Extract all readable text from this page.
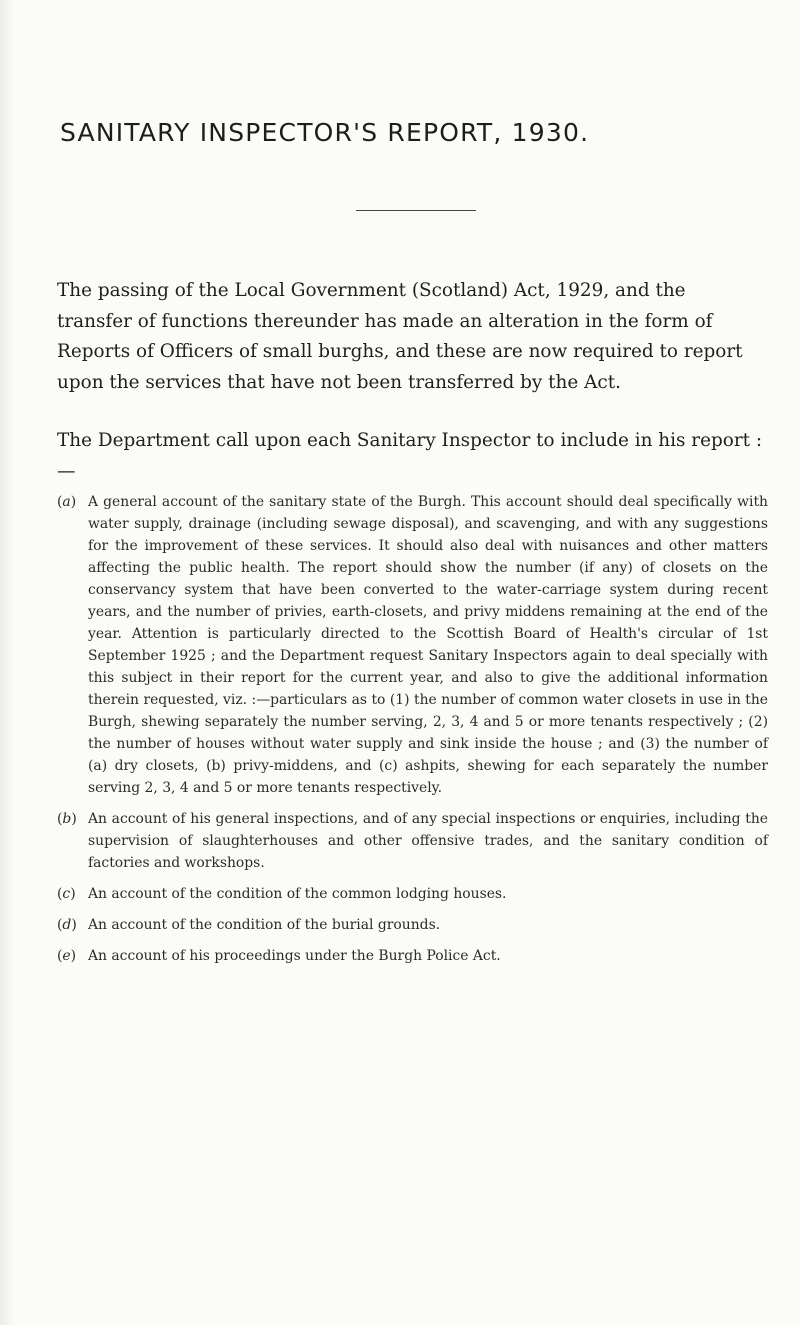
SANITARY INSPECTOR'S REPORT, 1930.

The passing of the Local Government (Scotland) Act, 1929, and the transfer of functions thereunder has made an alteration in the form of Reports of Officers of small burghs, and these are now required to report upon the services that have not been transferred by the Act.

The Department call upon each Sanitary Inspector to include in his report :—

(a) A general account of the sanitary state of the Burgh. This account should deal specifically with water supply, drainage (including sewage disposal), and scavenging, and with any suggestions for the improvement of these services. It should also deal with nuisances and other matters affecting the public health. The report should show the number (if any) of closets on the conservancy system that have been converted to the water-carriage system during recent years, and the number of privies, earth-closets, and privy middens remaining at the end of the year. Attention is particularly directed to the Scottish Board of Health's circular of 1st September 1925 ; and the Department request Sanitary Inspectors again to deal specially with this subject in their report for the current year, and also to give the additional information therein requested, viz. :—particulars as to (1) the number of common water closets in use in the Burgh, shewing separately the number serving, 2, 3, 4 and 5 or more tenants respectively ; (2) the number of houses without water supply and sink inside the house ; and (3) the number of (a) dry closets, (b) privy-middens, and (c) ashpits, shewing for each separately the number serving 2, 3, 4 and 5 or more tenants respectively.
(b) An account of his general inspections, and of any special inspections or enquiries, including the supervision of slaughterhouses and other offensive trades, and the sanitary condition of factories and workshops.
(c) An account of the condition of the common lodging houses.
(d) An account of the condition of the burial grounds.
(e) An account of his proceedings under the Burgh Police Act.
